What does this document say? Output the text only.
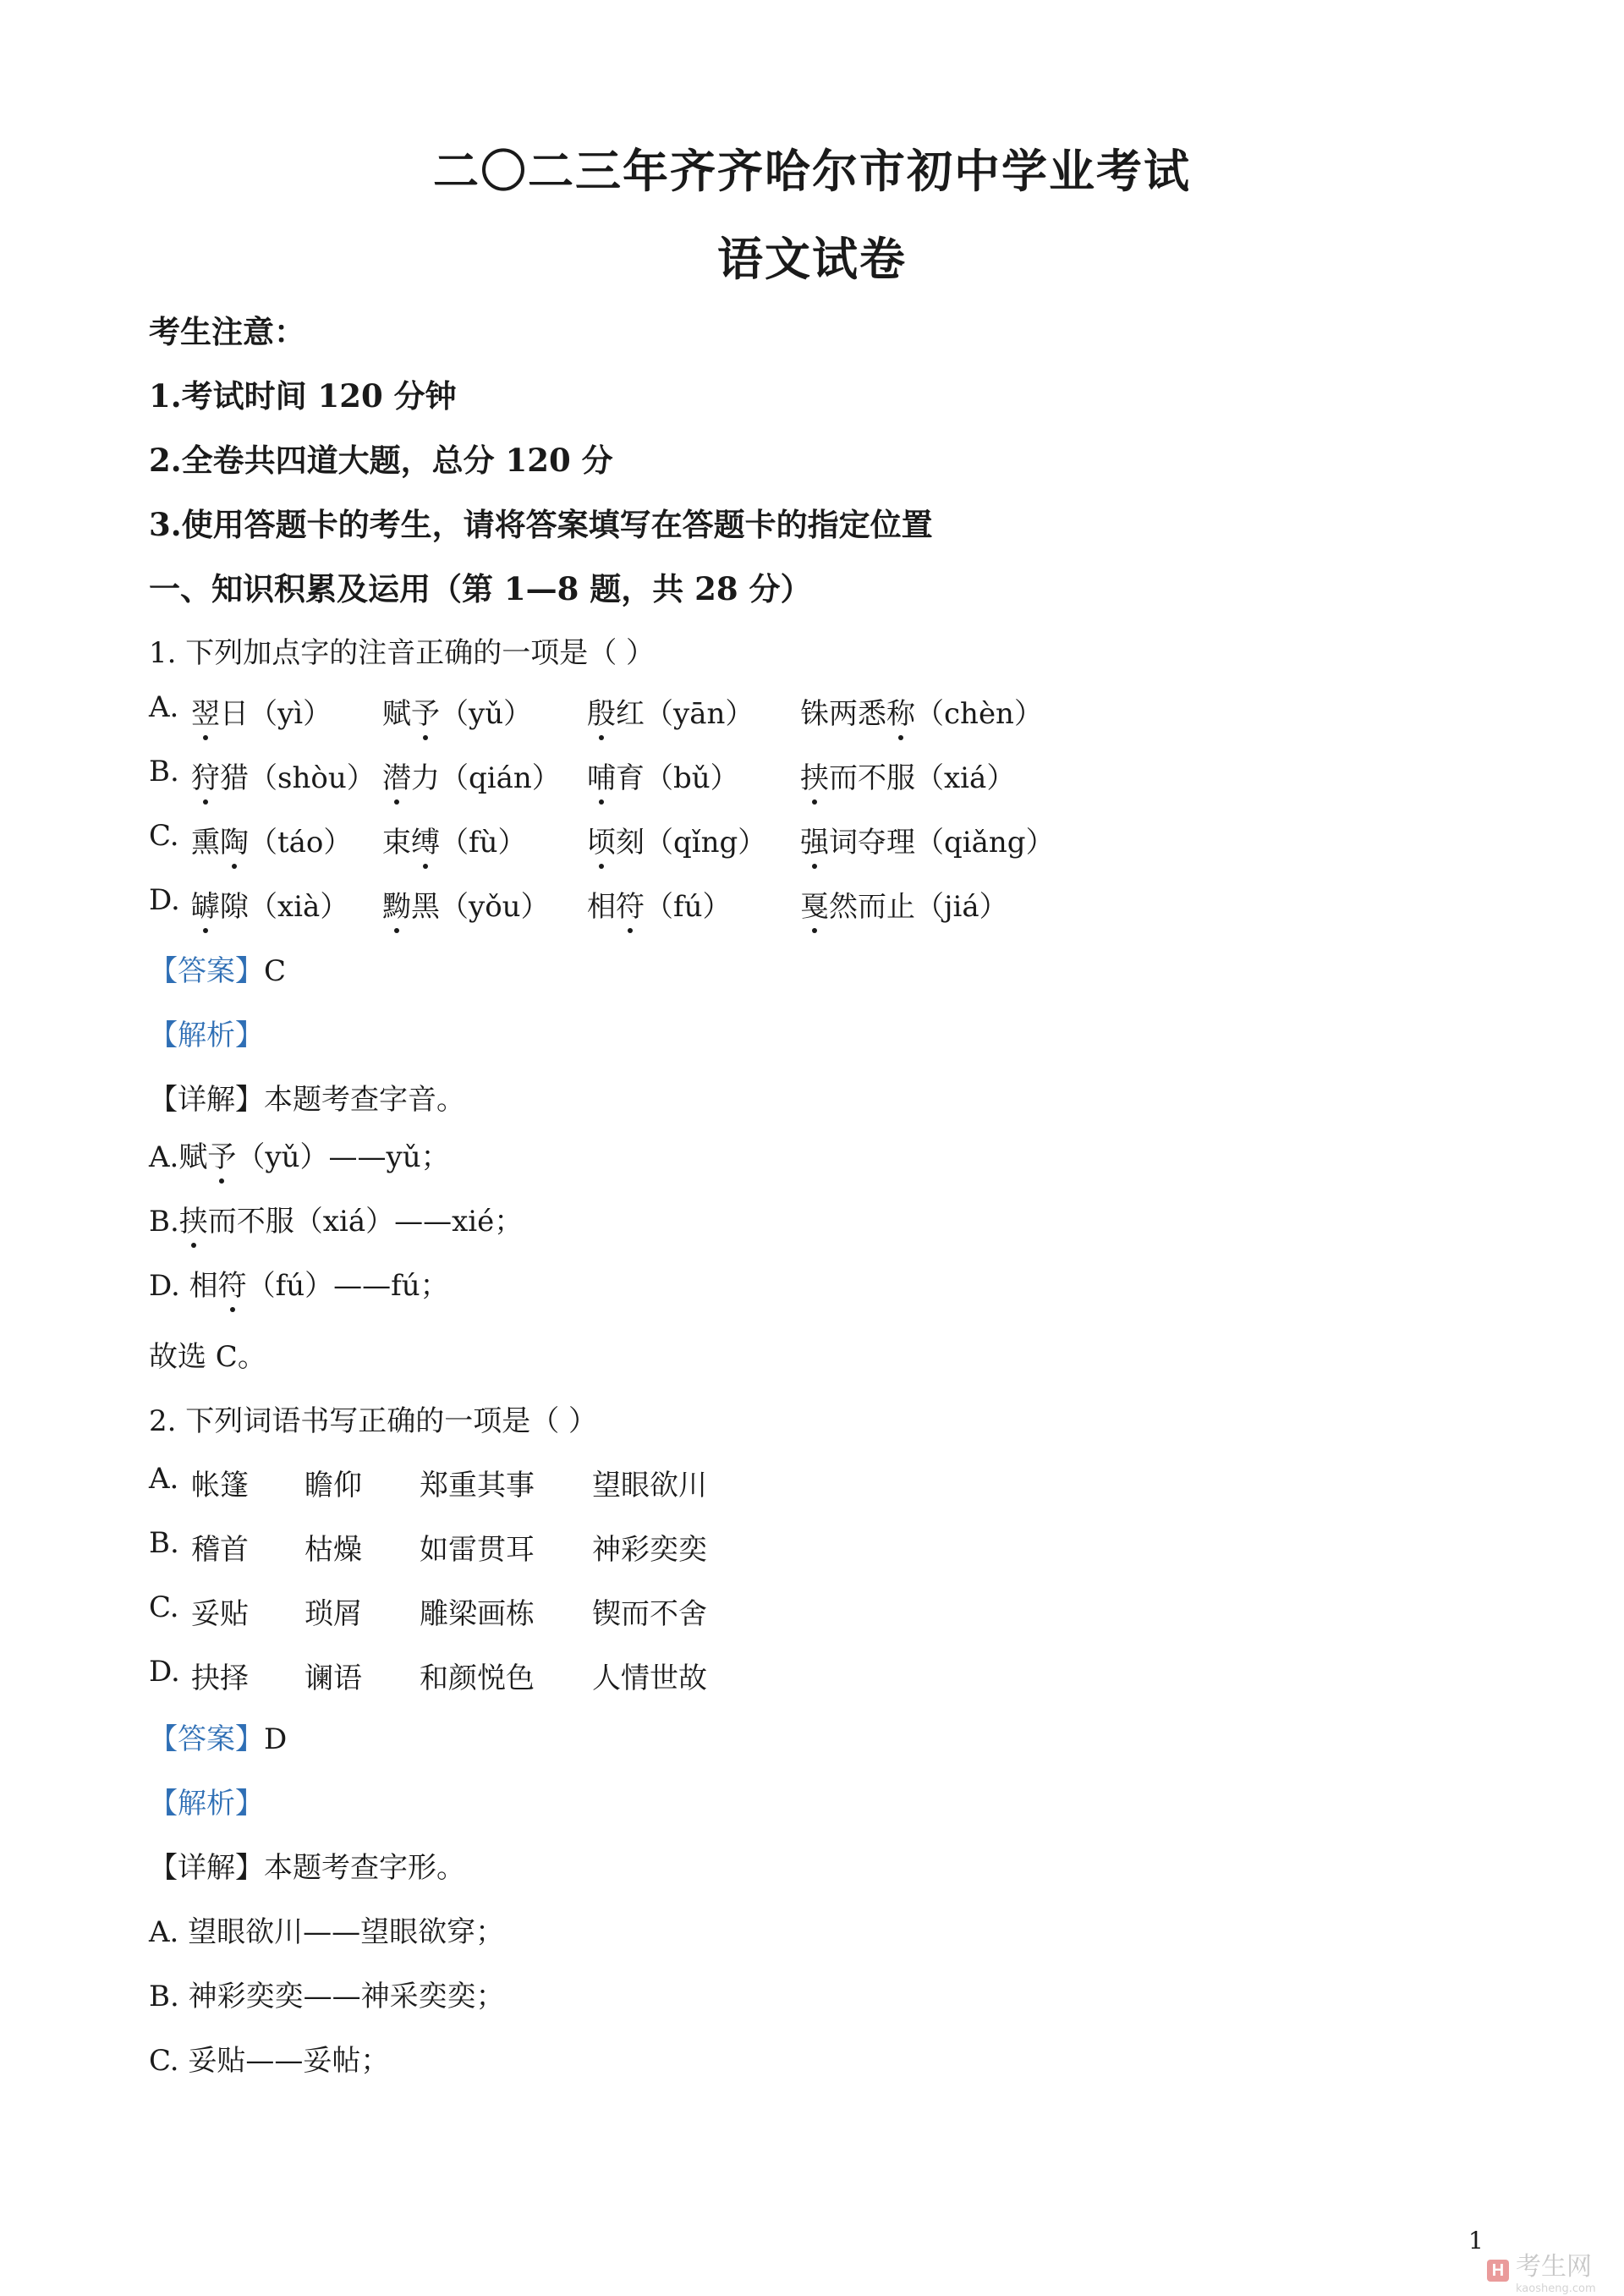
二〇二三年齐齐哈尔市初中学业考试
语文试卷
考生注意：
1.考试时间 120 分钟
2.全卷共四道大题，总分 120 分
3.使用答题卡的考生，请将答案填写在答题卡的指定位置
一、知识积累及运用（第 1—8 题，共 28 分）
1. 下列加点字的注音正确的一项是（ ）
A. 翌日（yì） 赋予（yǔ） 殷红（yān） 铢两悉称（chèn）
B. 狩猎（shòu） 潜力（qián） 哺育（bǔ） 挟而不服（xiá）
C. 熏陶（táo） 束缚（fù） 顷刻（qǐng） 强词夺理（qiǎng）
D. 罅隙（xià） 黝黑（yǒu） 相符（fú） 戛然而止（jiá）
【答案】C
【解析】
【详解】本题考查字音。
A.赋予（yǔ）——yǔ；
B.挟而不服（xiá）——xié；
D. 相符（fú）——fú；
故选 C。
2. 下列词语书写正确的一项是（ ）
A. 帐篷 瞻仰 郑重其事 望眼欲川
B. 稽首 枯燥 如雷贯耳 神彩奕奕
C. 妥贴 琐屑 雕梁画栋 锲而不舍
D. 抉择 谰语 和颜悦色 人情世故
【答案】D
【解析】
【详解】本题考查字形。
A. 望眼欲川——望眼欲穿；
B. 神彩奕奕——神采奕奕；
C. 妥贴——妥帖；
1
H 考生网
kaosheng.com
